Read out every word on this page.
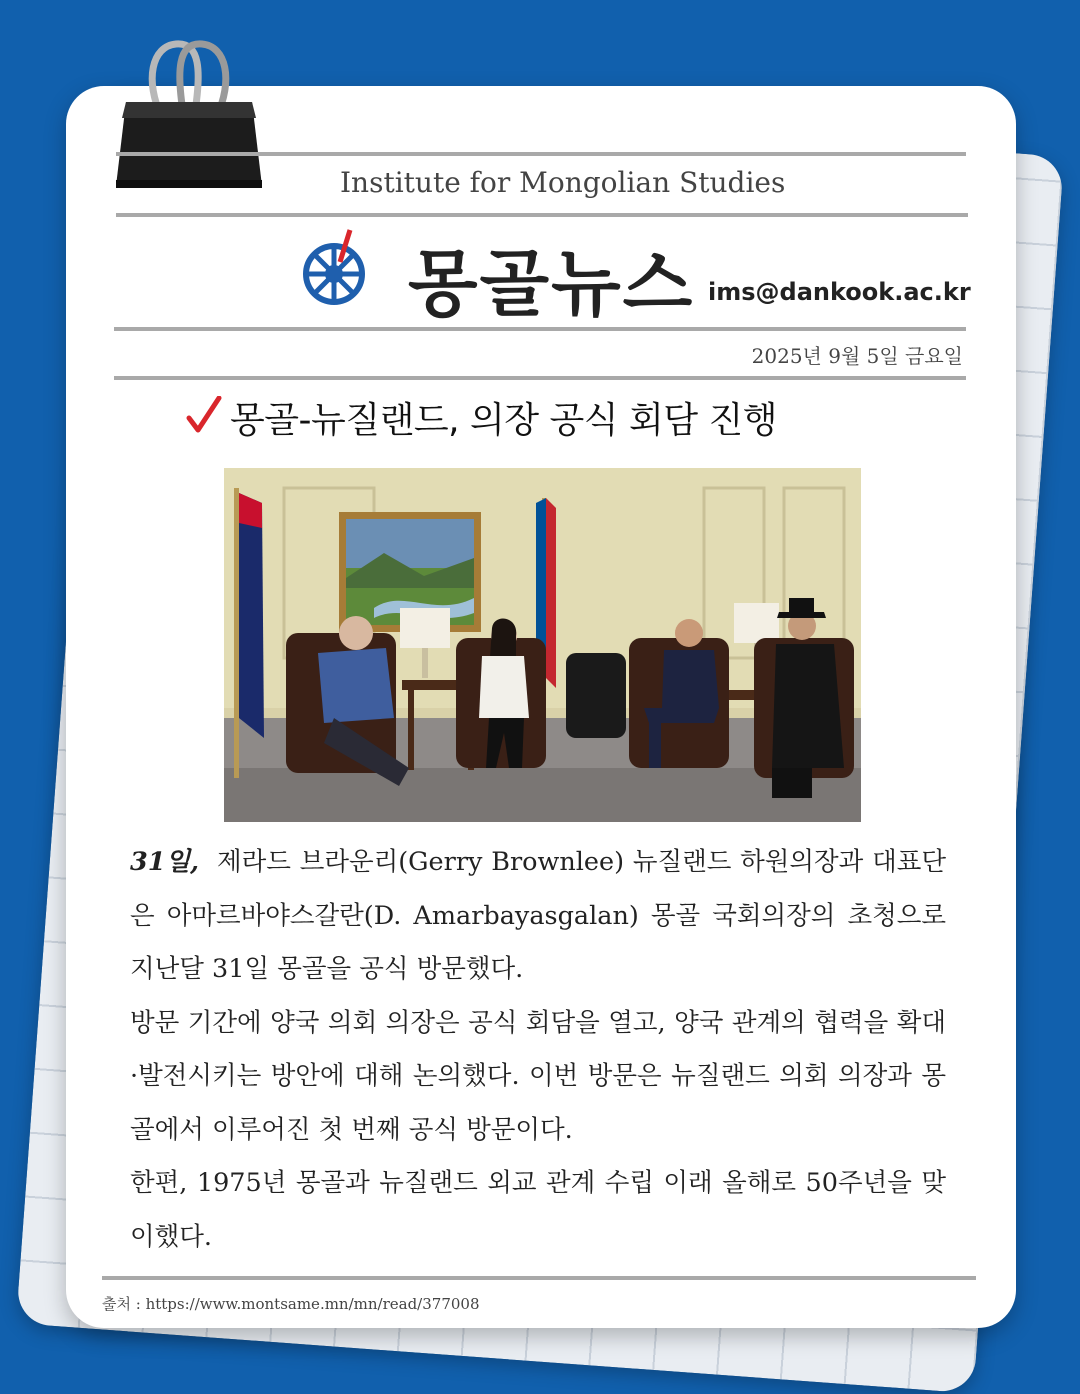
Institute for Mongolian Studies
몽골뉴스 ims@dankook.ac.kr
2025년 9월 5일 금요일
몽골-뉴질랜드, 의장 공식 회담 진행

31일, 제라드 브라운리(Gerry Brownlee) 뉴질랜드 하원의장과 대표단은 아마르바야스갈란(D. Amarbayasgalan) 몽골 국회의장의 초청으로 지난달 31일 몽골을 공식 방문했다.

방문 기간에 양국 의회 의장은 공식 회담을 열고, 양국 관계의 협력을 확대·발전시키는 방안에 대해 논의했다. 이번 방문은 뉴질랜드 의회 의장과 몽골에서 이루어진 첫 번째 공식 방문이다.

한편, 1975년 몽골과 뉴질랜드 외교 관계 수립 이래 올해로 50주년을 맞이했다.

출처 : https://www.montsame.mn/mn/read/377008
